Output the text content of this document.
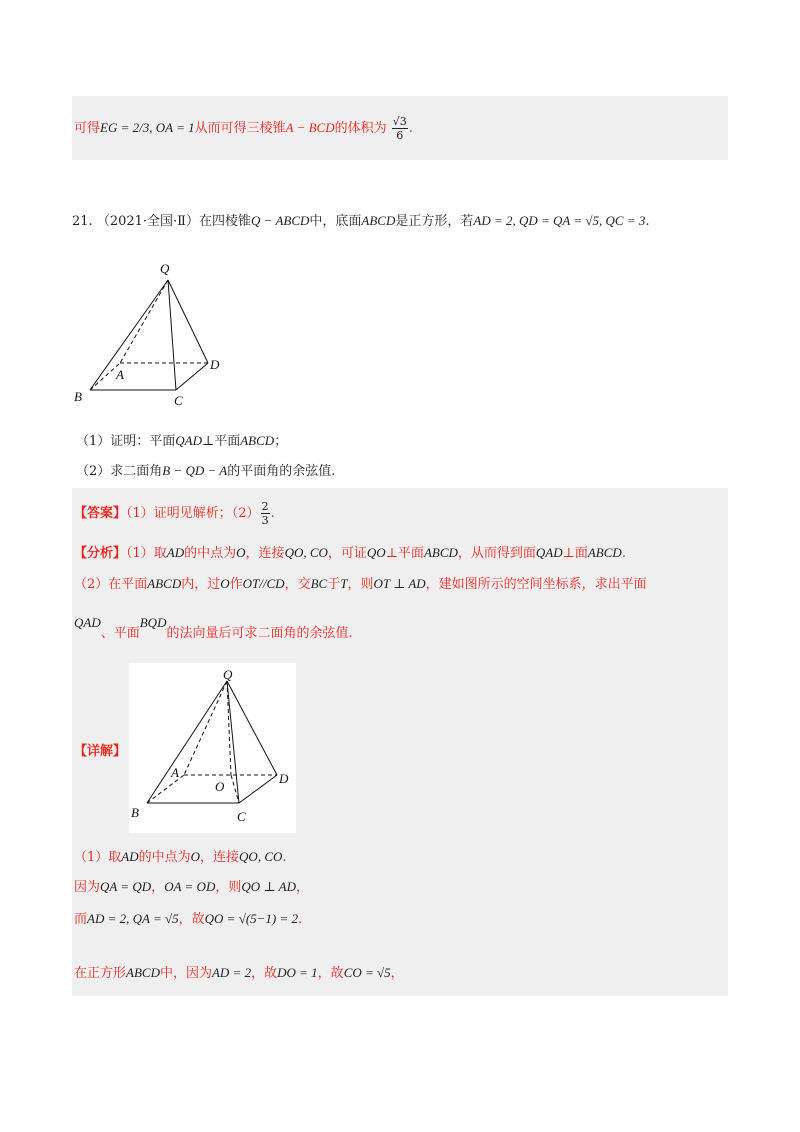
可得EG = 2/3, OA = 1从而可得三棱锥A − BCD的体积为 $\frac{√3}{6}$ .
21. （2021·全国·Ⅱ）在四棱锥Q − ABCD中，底面ABCD是正方形，若AD = 2, QD = QA = √5, QC = 3.
Q
A
B	C
D
（1）证明：平面QAD⊥平面ABCD；
（2）求二面角B − QD − A的平面角的余弦值.
【答案】（1）证明见解析；$(2) \frac{2}{3}$ .
【分析】（1）取AD的中点为O，连接QO, CO，可证QO⊥平面ABCD，从而得到面QAD⊥面ABCD.
（2）在平面ABCD内，过O作OT//CD，交BC于T，则OT ⊥ AD，建如图所示的空间坐标系，求出平面
QAD、平面BQD的法向量后可求二面角的余弦值.
Q
A
O
B	C
D
【详解】
（1）取AD的中点为O，连接QO, CO.
因为QA = QD，OA = OD，则QO ⊥ AD，
而AD = 2, QA = √5，故QO = √(5−1) = 2.
在正方形ABCD中，因为AD = 2，故DO = 1，故CO = √5，
